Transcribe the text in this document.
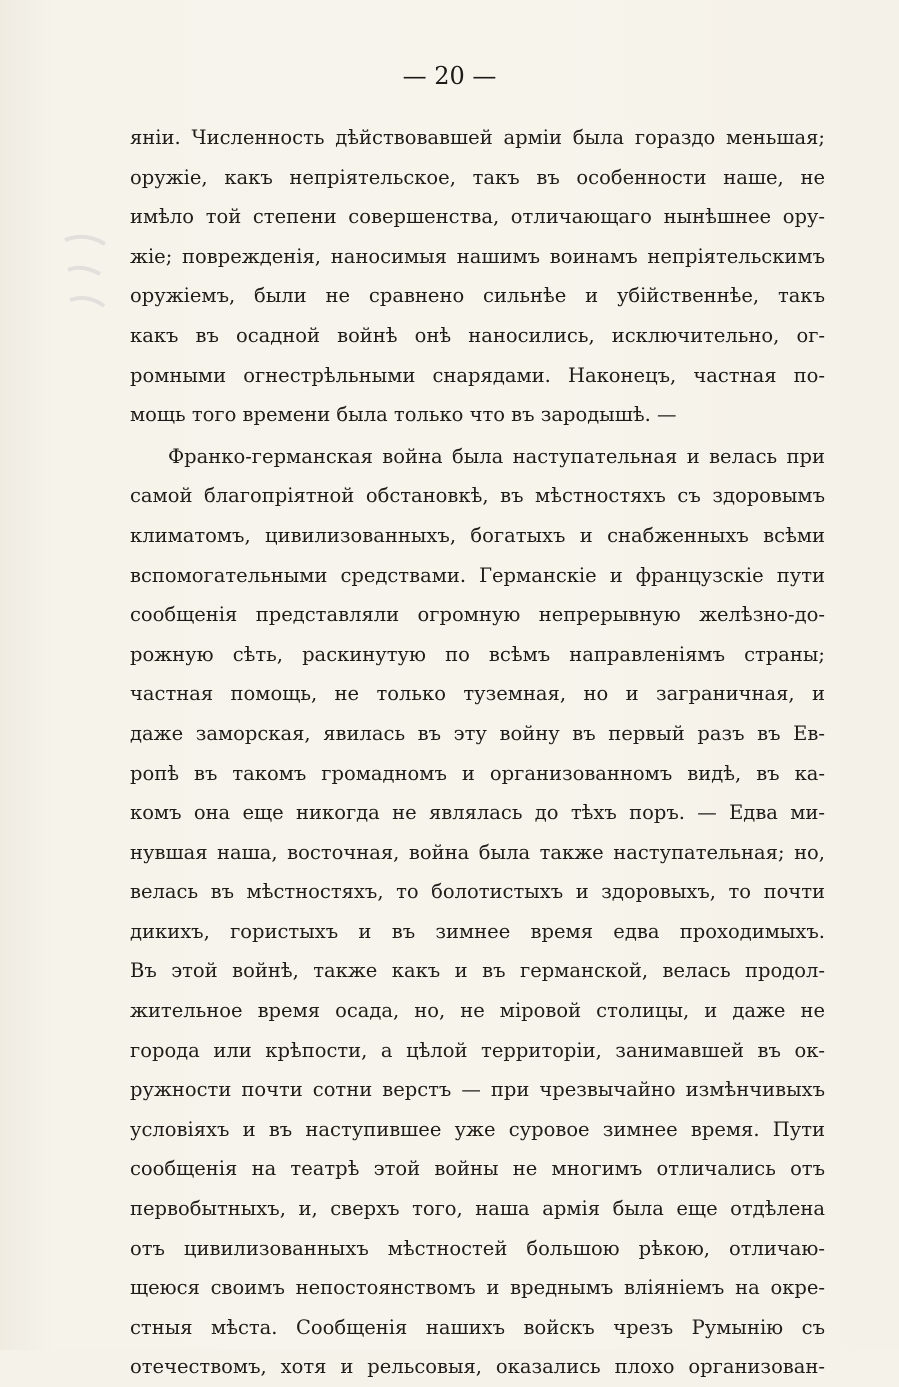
— 20 —
яніи. Численность дѣйствовавшей арміи была гораздо меньшая;
оружіе, какъ непріятельское, такъ въ особенности наше, не
имѣло той степени совершенства, отличающаго нынѣшнее ору-
жіе; поврежденія, наносимыя нашимъ воинамъ непріятельскимъ
оружіемъ, были не сравнено сильнѣе и убійственнѣе, такъ
какъ въ осадной войнѣ онѣ наносились, исключительно, ог-
ромными огнестрѣльными снарядами. Наконецъ, частная по-
мощь того времени была только что въ зародышѣ. —
Франко-германская война была наступательная и велась при
самой благопріятной обстановкѣ, въ мѣстностяхъ съ здоровымъ
климатомъ, цивилизованныхъ, богатыхъ и снабженныхъ всѣми
вспомогательными средствами. Германскіе и французскіе пути
сообщенія представляли огромную непрерывную желѣзно-до-
рожную сѣть, раскинутую по всѣмъ направленіямъ страны;
частная помощь, не только туземная, но и заграничная, и
даже заморская, явилась въ эту войну въ первый разъ въ Ев-
ропѣ въ такомъ громадномъ и организованномъ видѣ, въ ка-
комъ она еще никогда не являлась до тѣхъ поръ. — Едва ми-
нувшая наша, восточная, война была также наступательная; но,
велась въ мѣстностяхъ, то болотистыхъ и здоровыхъ, то почти
дикихъ, гористыхъ и въ зимнее время едва проходимыхъ.
Въ этой войнѣ, также какъ и въ германской, велась продол-
жительное время осада, но, не міровой столицы, и даже не
города или крѣпости, а цѣлой территоріи, занимавшей въ ок-
ружности почти сотни верстъ — при чрезвычайно измѣнчивыхъ
условіяхъ и въ наступившее уже суровое зимнее время. Пути
сообщенія на театрѣ этой войны не многимъ отличались отъ
первобытныхъ, и, сверхъ того, наша армія была еще отдѣлена
отъ цивилизованныхъ мѣстностей большою рѣкою, отличаю-
щеюся своимъ непостоянствомъ и вреднымъ вліяніемъ на окре-
стныя мѣста. Сообщенія нашихъ войскъ чрезъ Румынію съ
отечествомъ, хотя и рельсовыя, оказались плохо организован-
